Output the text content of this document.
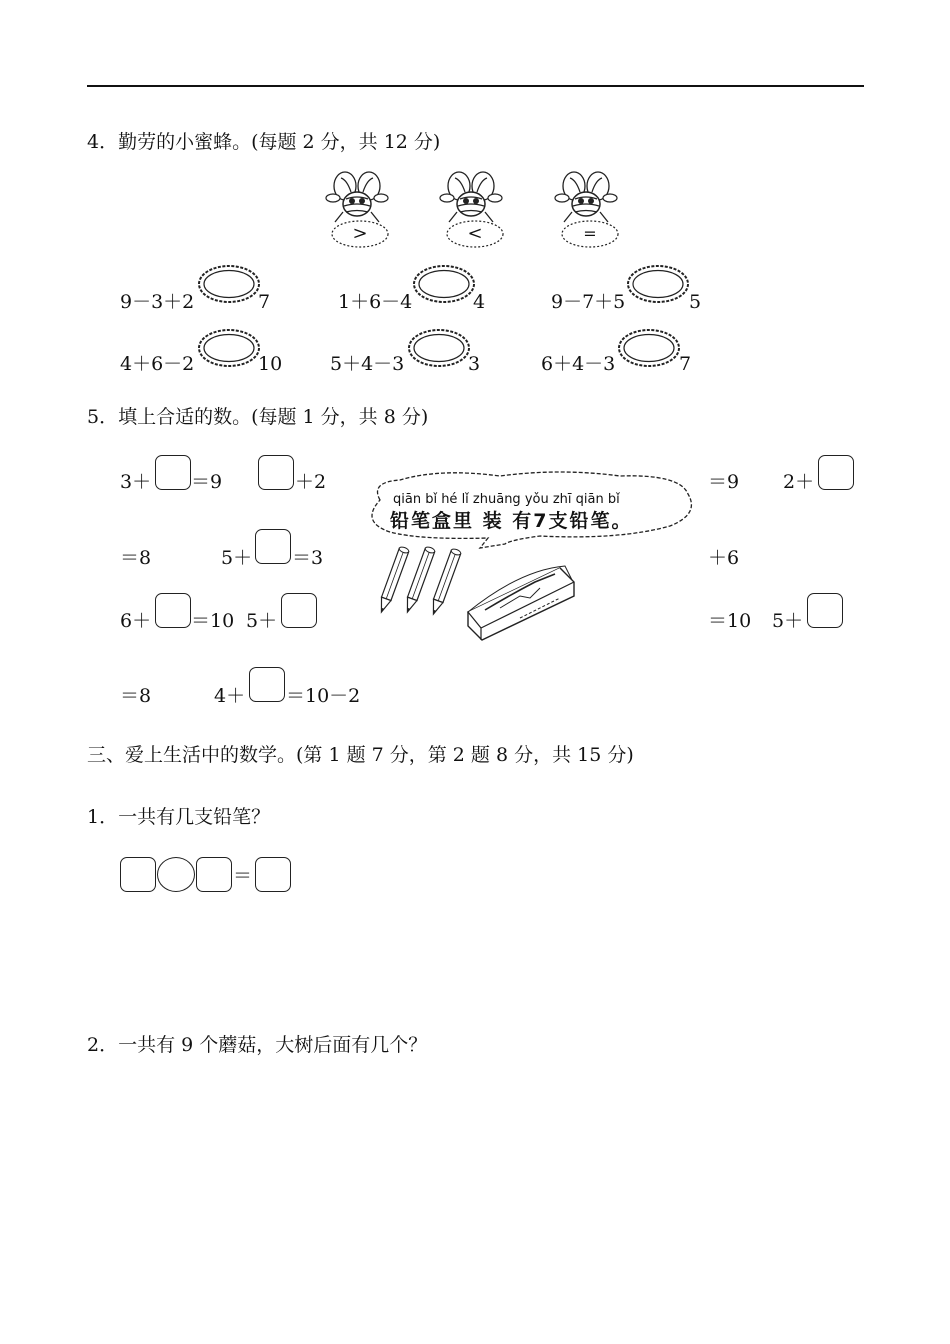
4．勤劳的小蜜蜂。(每题 2 分，共 12 分)
>	<	=
9－3＋2	7	1＋6－4	4	9－7＋5	5
4＋6－2	10	5＋4－3	3	6＋4－3	7
5．填上合适的数。(每题 1 分，共 8 分)
3＋ ＝9	＋2	＝9 2＋
＝8	5＋ ＝3	＋6
6＋ ＝10 5＋	＝10 5＋
＝8	4＋ ＝10－2
qiān bǐ hé lǐ zhuāng yǒu zhī qiān bǐ
铅笔盒里 装 有7支铅笔。
三、爱上生活中的数学。(第 1 题 7 分，第 2 题 8 分，共 15 分)
1．一共有几支铅笔？
＝
2．一共有 9 个蘑菇，大树后面有几个？
